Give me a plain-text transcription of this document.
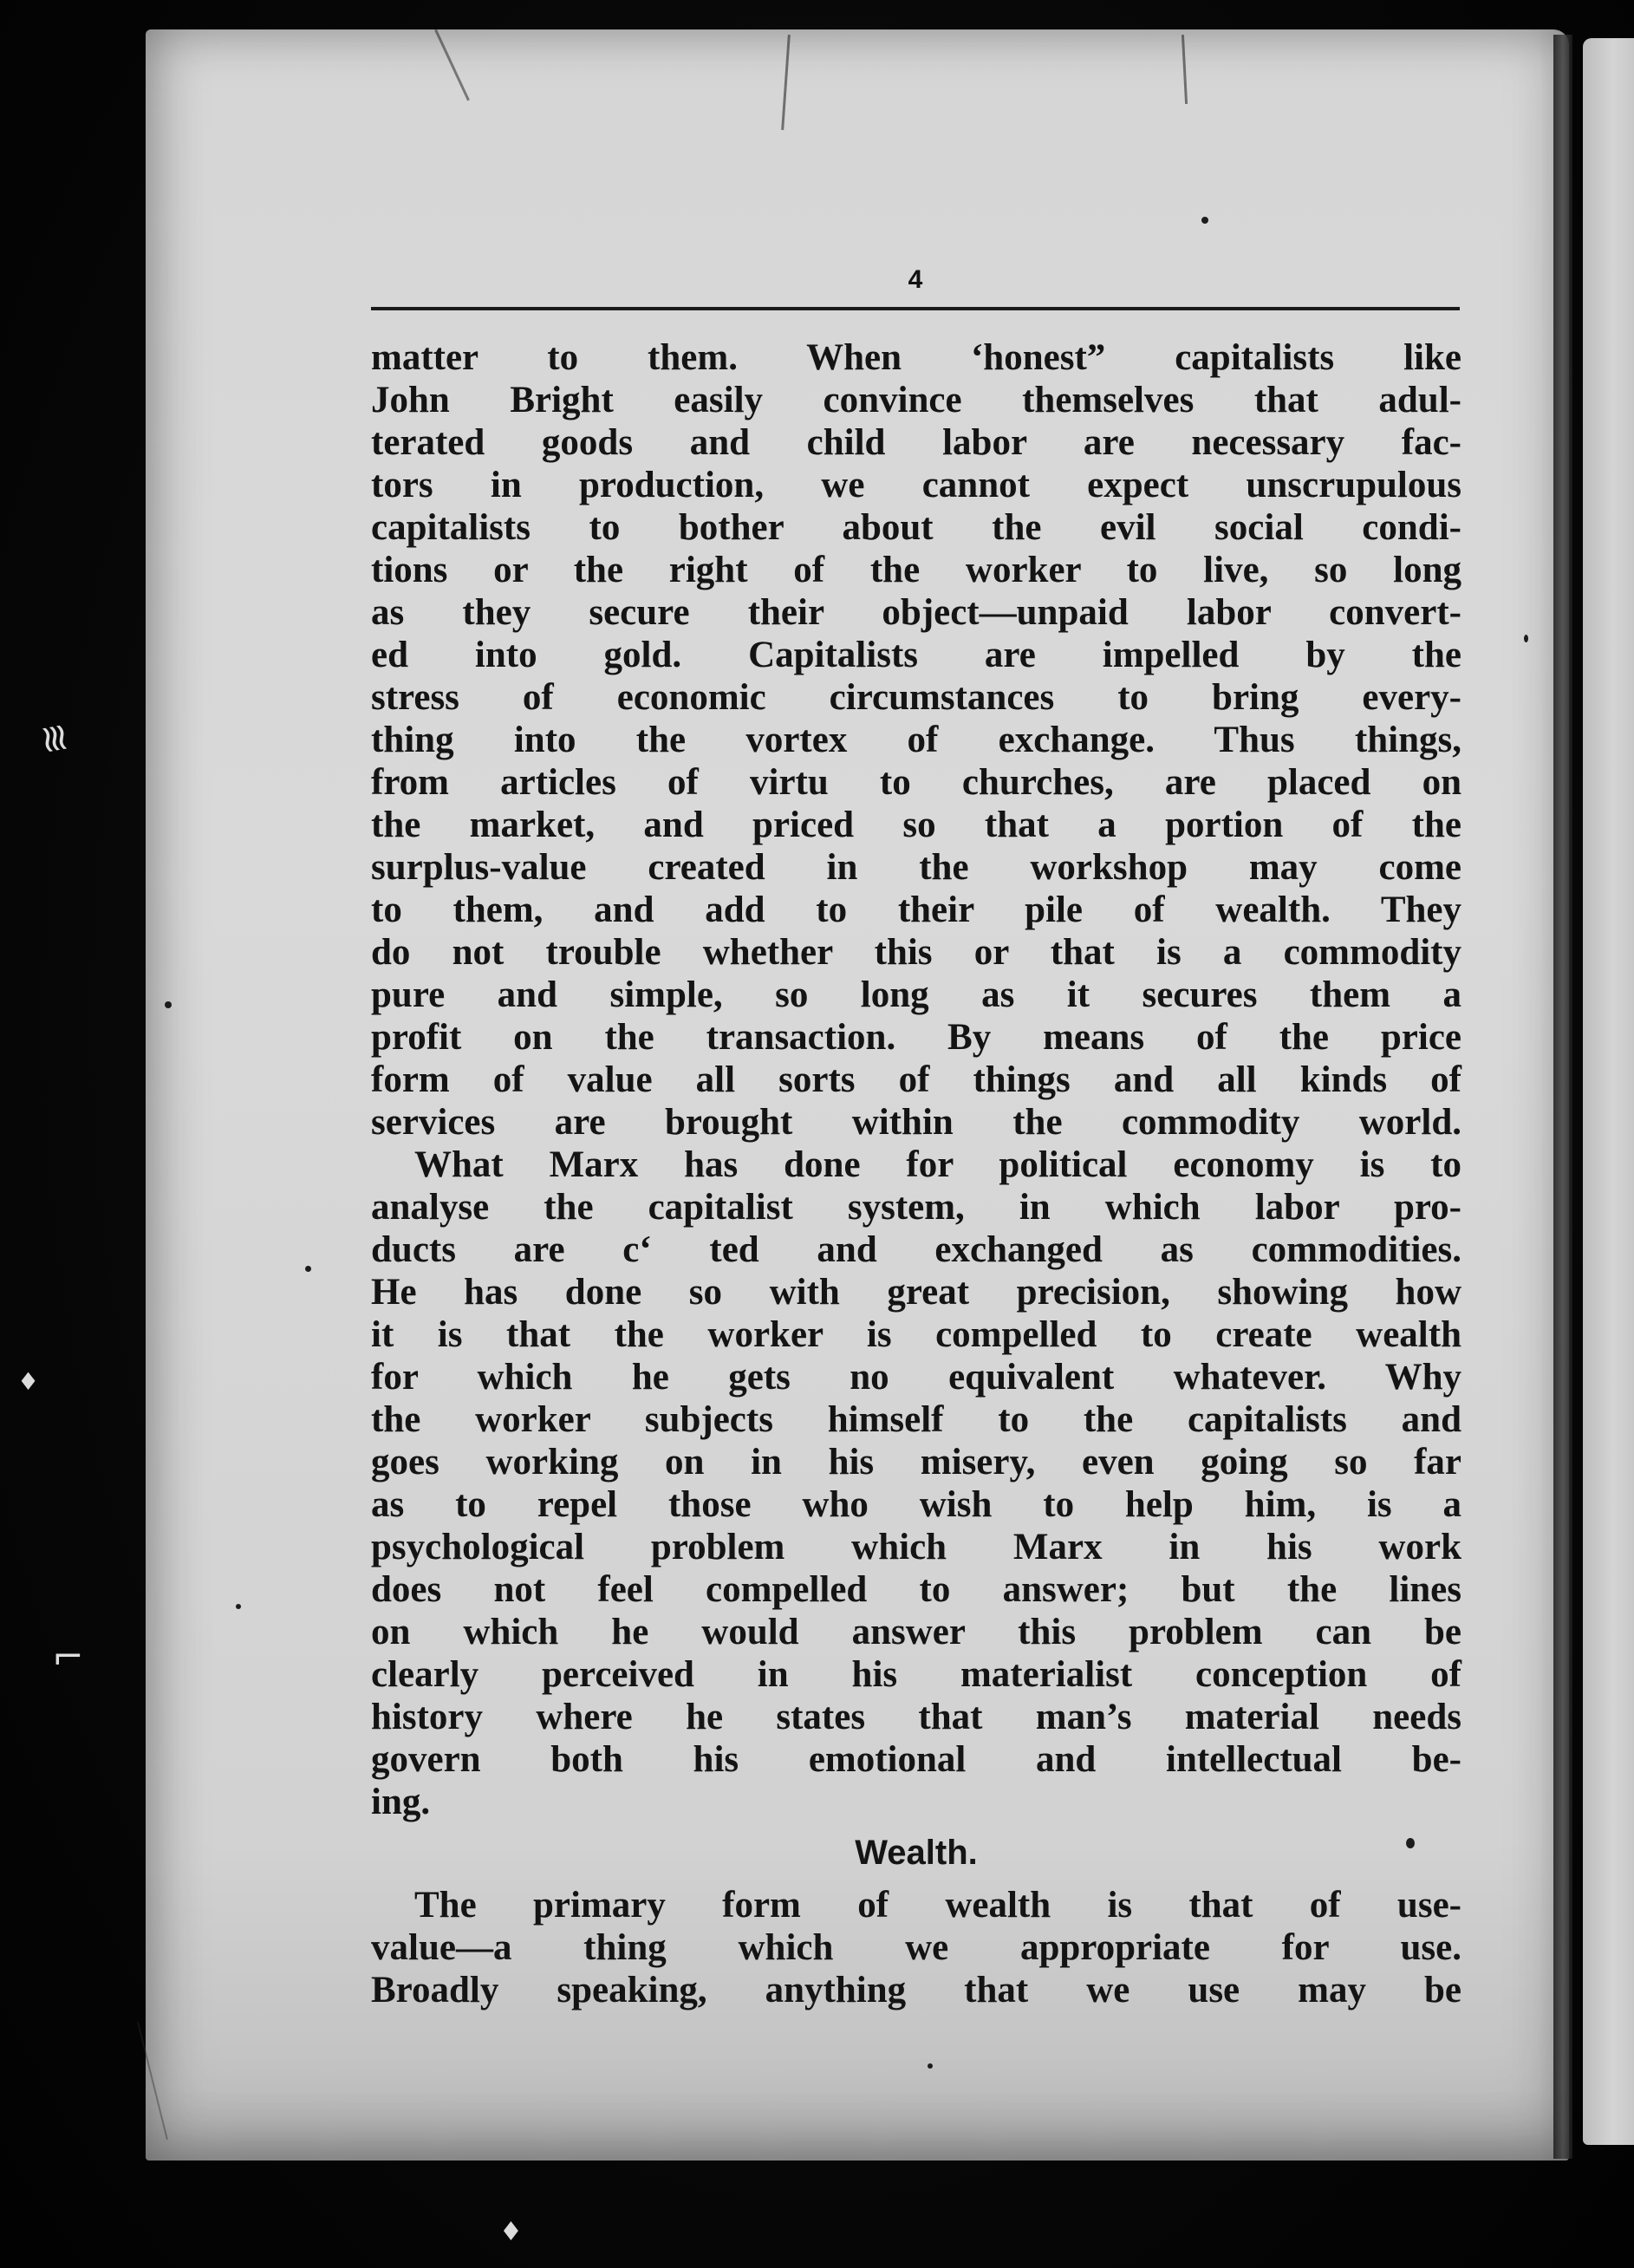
≋
♦
⌐
♦
4
matter to them. When ‘honest” capitalists like
John Bright easily convince themselves that adul-
terated goods and child labor are necessary fac-
tors in production, we cannot expect unscrupulous
capitalists to bother about the evil social condi-
tions or the right of the worker to live, so long
as they secure their object—unpaid labor convert-
ed into gold. Capitalists are impelled by the
stress of economic circumstances to bring every-
thing into the vortex of exchange. Thus things,
from articles of virtu to churches, are placed on
the market, and priced so that a portion of the
surplus-value created in the workshop may come
to them, and add to their pile of wealth. They
do not trouble whether this or that is a commodity
pure and simple, so long as it secures them a
profit on the transaction. By means of the price
form of value all sorts of things and all kinds of
services are brought within the commodity world.
What Marx has done for political economy is to
analyse the capitalist system, in which labor pro-
ducts are cʻ ted and exchanged as commodities.
He has done so with great precision, showing how
it is that the worker is compelled to create wealth
for which he gets no equivalent whatever. Why
the worker subjects himself to the capitalists and
goes working on in his misery, even going so far
as to repel those who wish to help him, is a
psychological problem which Marx in his work
does not feel compelled to answer; but the lines
on which he would answer this problem can be
clearly perceived in his materialist conception of
history where he states that man’s material needs
govern both his emotional and intellectual be-
ing.
Wealth.
The primary form of wealth is that of use-
value—a thing which we appropriate for use.
Broadly speaking, anything that we use may be
